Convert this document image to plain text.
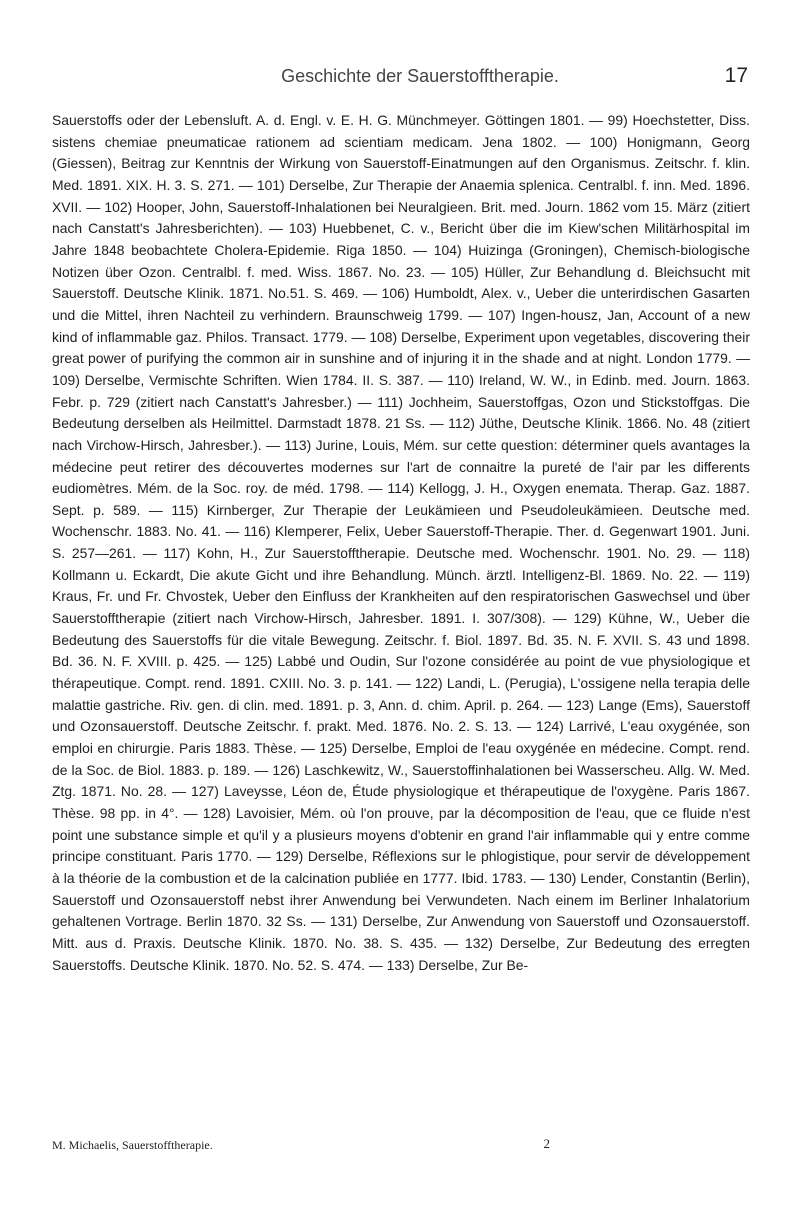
Geschichte der Sauerstofftherapie.	17
Sauerstoffs oder der Lebensluft. A. d. Engl. v. E. H. G. Münchmeyer. Göttingen 1801. — 99) Hoechstetter, Diss. sistens chemiae pneumaticae rationem ad scientiam medicam. Jena 1802. — 100) Honigmann, Georg (Giessen), Beitrag zur Kenntnis der Wirkung von Sauerstoff-Einatmungen auf den Organismus. Zeitschr. f. klin. Med. 1891. XIX. H. 3. S. 271. — 101) Derselbe, Zur Therapie der Anaemia splenica. Centralbl. f. inn. Med. 1896. XVII. — 102) Hooper, John, Sauerstoff-Inhalationen bei Neuralgieen. Brit. med. Journ. 1862 vom 15. März (zitiert nach Canstatt's Jahresberichten). — 103) Huebbenet, C. v., Bericht über die im Kiew'schen Militärhospital im Jahre 1848 beobachtete Cholera-Epidemie. Riga 1850. — 104) Huizinga (Groningen), Chemisch-biologische Notizen über Ozon. Centralbl. f. med. Wiss. 1867. No. 23. — 105) Hüller, Zur Behandlung d. Bleichsucht mit Sauerstoff. Deutsche Klinik. 1871. No.51. S. 469. — 106) Humboldt, Alex. v., Ueber die unterirdischen Gasarten und die Mittel, ihren Nachteil zu verhindern. Braunschweig 1799. — 107) Ingen-housz, Jan, Account of a new kind of inflammable gaz. Philos. Transact. 1779. — 108) Derselbe, Experiment upon vegetables, discovering their great power of purifying the common air in sunshine and of injuring it in the shade and at night. London 1779. — 109) Derselbe, Vermischte Schriften. Wien 1784. II. S. 387. — 110) Ireland, W. W., in Edinb. med. Journ. 1863. Febr. p. 729 (zitiert nach Canstatt's Jahresber.) — 111) Jochheim, Sauerstoffgas, Ozon und Stickstoffgas. Die Bedeutung derselben als Heilmittel. Darmstadt 1878. 21 Ss. — 112) Jüthe, Deutsche Klinik. 1866. No. 48 (zitiert nach Virchow-Hirsch, Jahresber.). — 113) Jurine, Louis, Mém. sur cette question: déterminer quels avantages la médecine peut retirer des découvertes modernes sur l'art de connaitre la pureté de l'air par les differents eudiomètres. Mém. de la Soc. roy. de méd. 1798. — 114) Kellogg, J. H., Oxygen enemata. Therap. Gaz. 1887. Sept. p. 589. — 115) Kirnberger, Zur Therapie der Leukämieen und Pseudoleukämieen. Deutsche med. Wochenschr. 1883. No. 41. — 116) Klemperer, Felix, Ueber Sauerstoff-Therapie. Ther. d. Gegenwart 1901. Juni. S. 257—261. — 117) Kohn, H., Zur Sauerstofftherapie. Deutsche med. Wochenschr. 1901. No. 29. — 118) Kollmann u. Eckardt, Die akute Gicht und ihre Behandlung. Münch. ärztl. Intelligenz-Bl. 1869. No. 22. — 119) Kraus, Fr. und Fr. Chvostek, Ueber den Einfluss der Krankheiten auf den respiratorischen Gaswechsel und über Sauerstofftherapie (zitiert nach Virchow-Hirsch, Jahresber. 1891. I. 307/308). — 129) Kühne, W., Ueber die Bedeutung des Sauerstoffs für die vitale Bewegung. Zeitschr. f. Biol. 1897. Bd. 35. N. F. XVII. S. 43 und 1898. Bd. 36. N. F. XVIII. p. 425. — 125) Labbé und Oudin, Sur l'ozone considérée au point de vue physiologique et thérapeutique. Compt. rend. 1891. CXIII. No. 3. p. 141. — 122) Landi, L. (Perugia), L'ossigene nella terapia delle malattie gastriche. Riv. gen. di clin. med. 1891. p. 3, Ann. d. chim. April. p. 264. — 123) Lange (Ems), Sauerstoff und Ozonsauerstoff. Deutsche Zeitschr. f. prakt. Med. 1876. No. 2. S. 13. — 124) Larrivé, L'eau oxygénée, son emploi en chirurgie. Paris 1883. Thèse. — 125) Derselbe, Emploi de l'eau oxygénée en médecine. Compt. rend. de la Soc. de Biol. 1883. p. 189. — 126) Laschkewitz, W., Sauerstoffinhalationen bei Wasserscheu. Allg. W. Med. Ztg. 1871. No. 28. — 127) Laveysse, Léon de, Étude physiologique et thérapeutique de l'oxygène. Paris 1867. Thèse. 98 pp. in 4°. — 128) Lavoisier, Mém. où l'on prouve, par la décomposition de l'eau, que ce fluide n'est point une substance simple et qu'il y a plusieurs moyens d'obtenir en grand l'air inflammable qui y entre comme principe constituant. Paris 1770. — 129) Derselbe, Réflexions sur le phlogistique, pour servir de développement à la théorie de la combustion et de la calcination publiée en 1777. Ibid. 1783. — 130) Lender, Constantin (Berlin), Sauerstoff und Ozonsauerstoff nebst ihrer Anwendung bei Verwundeten. Nach einem im Berliner Inhalatorium gehaltenen Vortrage. Berlin 1870. 32 Ss. — 131) Derselbe, Zur Anwendung von Sauerstoff und Ozonsauerstoff. Mitt. aus d. Praxis. Deutsche Klinik. 1870. No. 38. S. 435. — 132) Derselbe, Zur Bedeutung des erregten Sauerstoffs. Deutsche Klinik. 1870. No. 52. S. 474. — 133) Derselbe, Zur Be-
M. Michaelis, Sauerstofftherapie.	2
